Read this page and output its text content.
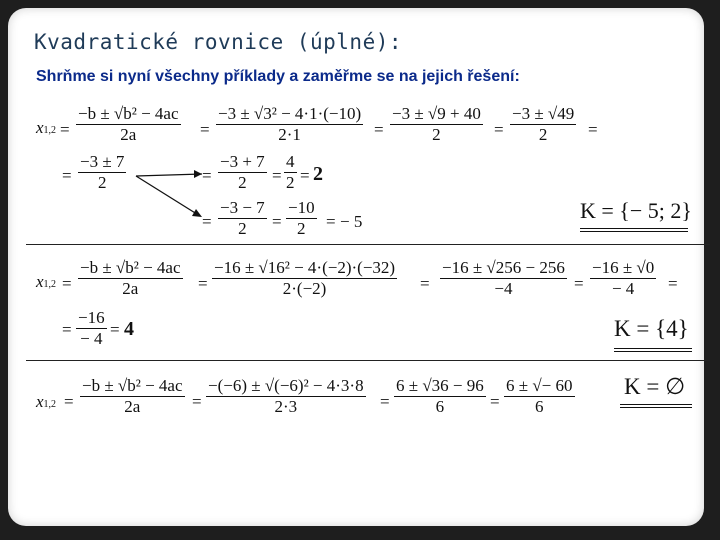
Kvadratické rovnice (úplné):
Shrňme si nyní všechny příklady a zaměřme se na jejich řešení:
x1,2 =
−b ± √b² − 4ac
2a	=
−3 ± √3² − 4·1·(−10)
2·1	=
−3 ± √9 + 40
2	=
−3 ± √49
2 =
=
−3 ± 7
2	=
−3 + 7
2 =
4
2 = 2
=
−3 − 7
2 =
−10
2 = − 5	K = {− 5; 2}
x1,2 =
−b ± √b² − 4ac
2a	=
−16 ± √16² − 4·(−2)·(−32)
2·(−2)	=
−16 ± √256 − 256
−4	=
−16 ± √0
− 4 =
=
−16
− 4 = 4	K = {4}
x1,2 =
−b ± √b² − 4ac
2a	=
−(−6) ± √(−6)² − 4·3·8
2·3	=
6 ± √36 − 96
6	=
6 ± √− 60
6
K = ∅
